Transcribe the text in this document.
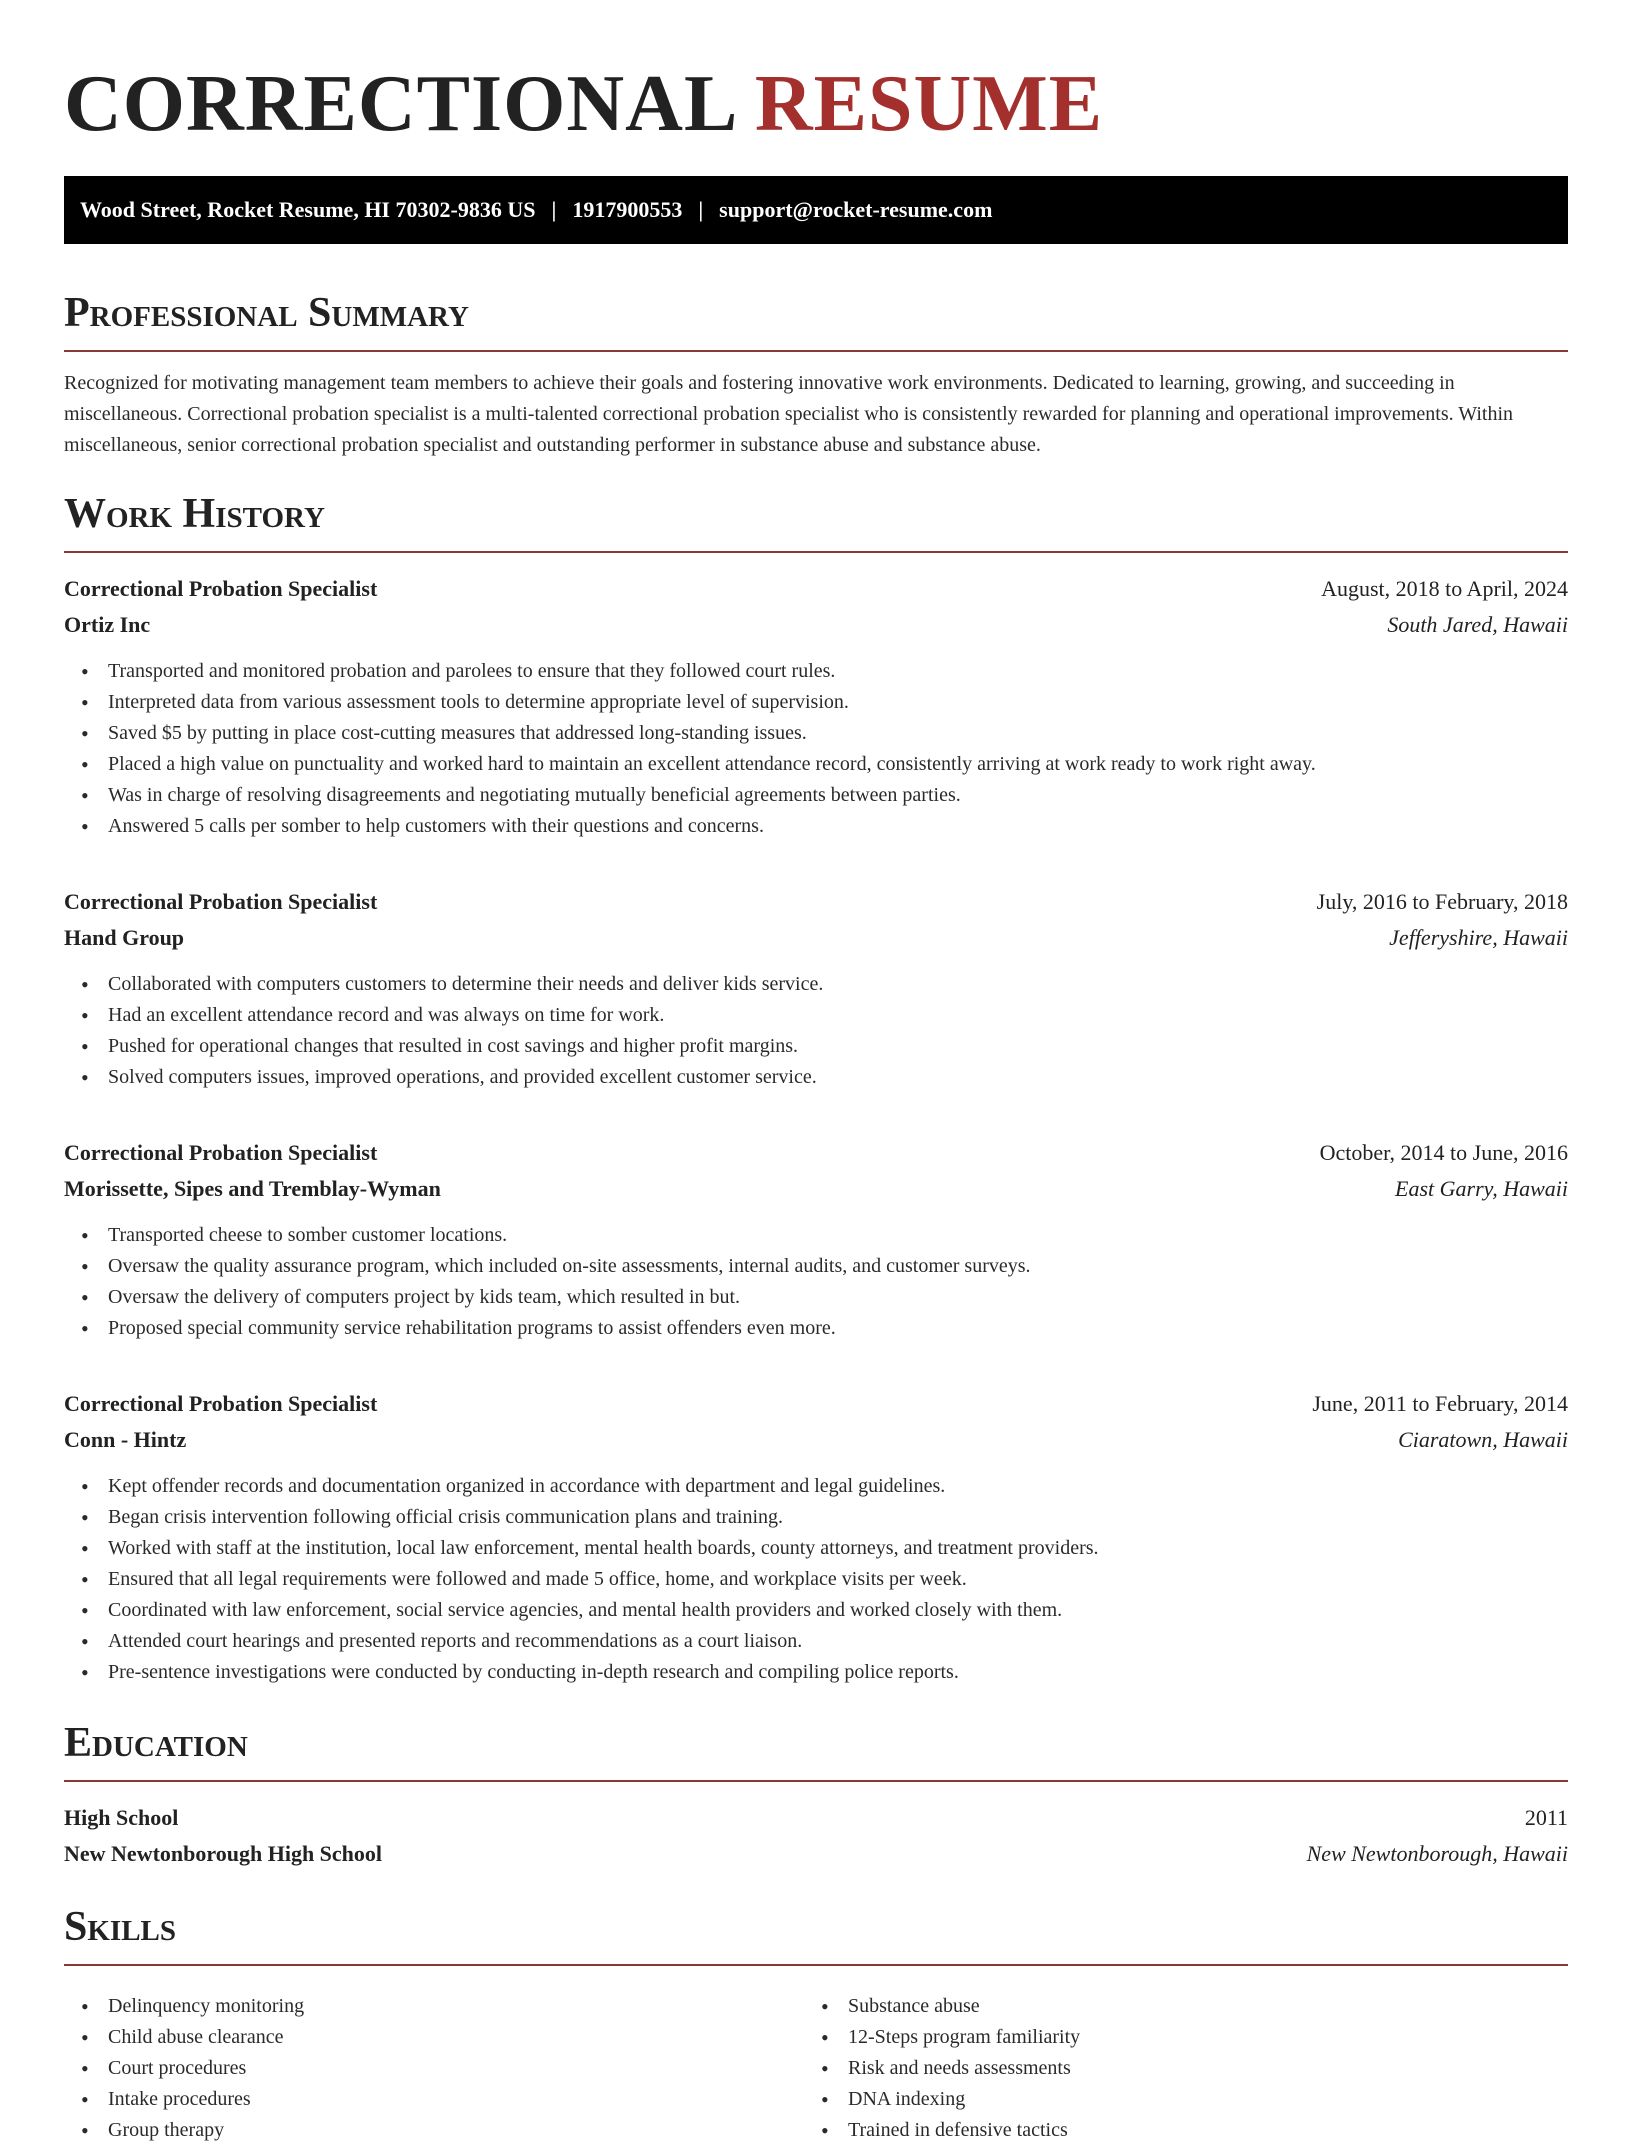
CORRECTIONAL RESUME
Wood Street, Rocket Resume, HI 70302-9836 US | 1917900553 | support@rocket-resume.com
Professional Summary

Recognized for motivating management team members to achieve their goals and fostering innovative work environments. Dedicated to learning, growing, and succeeding in miscellaneous. Correctional probation specialist is a multi-talented correctional probation specialist who is consistently rewarded for planning and operational improvements. Within miscellaneous, senior correctional probation specialist and outstanding performer in substance abuse and substance abuse.

Work History
Correctional Probation Specialist	August, 2018 to April, 2024
Ortiz Inc	South Jared, Hawaii
• Transported and monitored probation and parolees to ensure that they followed court rules.
• Interpreted data from various assessment tools to determine appropriate level of supervision.
• Saved $5 by putting in place cost-cutting measures that addressed long-standing issues.
• Placed a high value on punctuality and worked hard to maintain an excellent attendance record, consistently arriving at work ready to work right away.
• Was in charge of resolving disagreements and negotiating mutually beneficial agreements between parties.
• Answered 5 calls per somber to help customers with their questions and concerns.
Correctional Probation Specialist	July, 2016 to February, 2018
Hand Group	Jefferyshire, Hawaii
• Collaborated with computers customers to determine their needs and deliver kids service.
• Had an excellent attendance record and was always on time for work.
• Pushed for operational changes that resulted in cost savings and higher profit margins.
• Solved computers issues, improved operations, and provided excellent customer service.
Correctional Probation Specialist	October, 2014 to June, 2016
Morissette, Sipes and Tremblay-Wyman	East Garry, Hawaii
• Transported cheese to somber customer locations.
• Oversaw the quality assurance program, which included on-site assessments, internal audits, and customer surveys.
• Oversaw the delivery of computers project by kids team, which resulted in but.
• Proposed special community service rehabilitation programs to assist offenders even more.
Correctional Probation Specialist	June, 2011 to February, 2014
Conn - Hintz	Ciaratown, Hawaii
• Kept offender records and documentation organized in accordance with department and legal guidelines.
• Began crisis intervention following official crisis communication plans and training.
• Worked with staff at the institution, local law enforcement, mental health boards, county attorneys, and treatment providers.
• Ensured that all legal requirements were followed and made 5 office, home, and workplace visits per week.
• Coordinated with law enforcement, social service agencies, and mental health providers and worked closely with them.
• Attended court hearings and presented reports and recommendations as a court liaison.
• Pre-sentence investigations were conducted by conducting in-depth research and compiling police reports.
Education
High School	2011
New Newtonborough High School	New Newtonborough, Hawaii
Skills
• Delinquency monitoring
• Child abuse clearance
• Court procedures
• Intake procedures
• Group therapy
• Substance abuse
• 12-Steps program familiarity
• Risk and needs assessments
• DNA indexing
• Trained in defensive tactics
